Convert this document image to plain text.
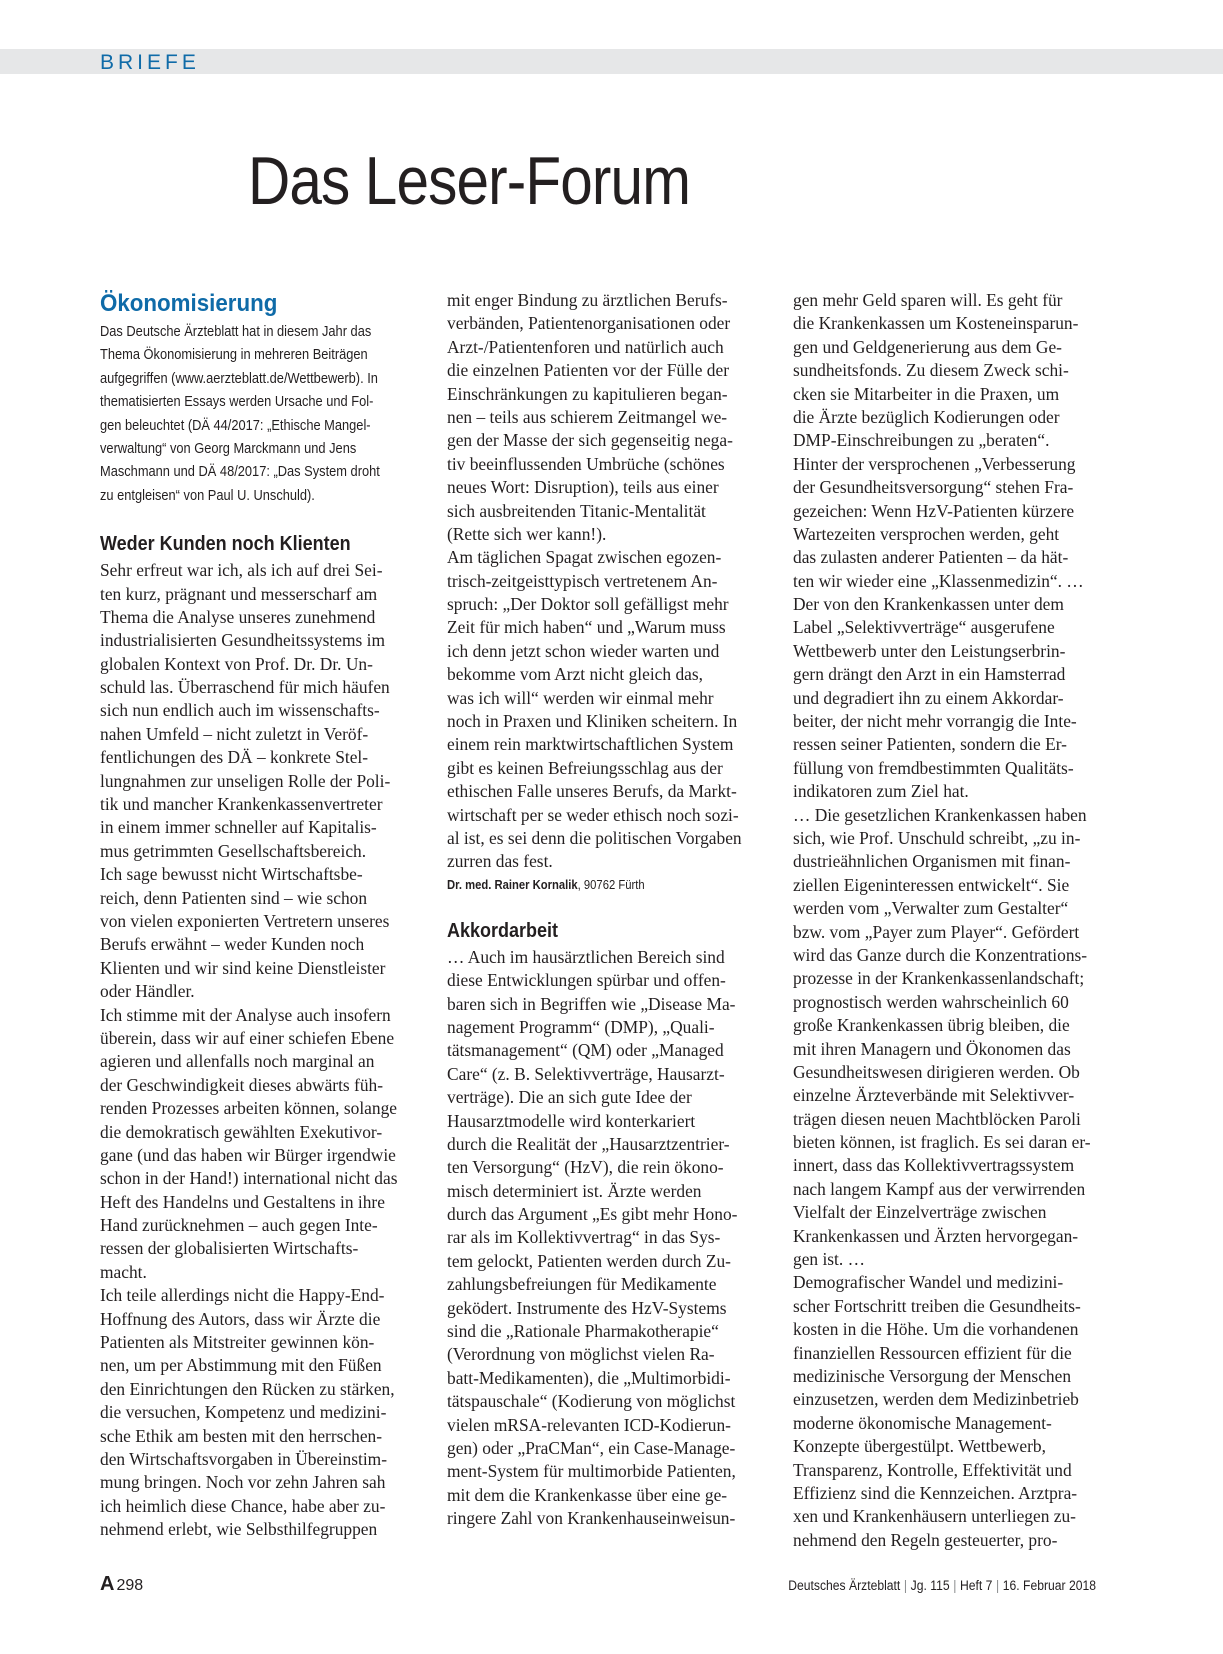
BRIEFE
Das Leser-Forum
Ökonomisierung
Das Deutsche Ärzteblatt hat in diesem Jahr das
Thema Ökonomisierung in mehreren Beiträgen
aufgegriffen (www.aerzteblatt.de/Wettbewerb). In
thematisierten Essays werden Ursache und Fol-
gen beleuchtet (DÄ 44/2017: „Ethische Mangel-
verwaltung“ von Georg Marckmann und Jens
Maschmann und DÄ 48/2017: „Das System droht
zu entgleisen“ von Paul U. Unschuld).
Weder Kunden noch Klienten
Sehr erfreut war ich, als ich auf drei Sei-
ten kurz, prägnant und messerscharf am
Thema die Analyse unseres zunehmend
industrialisierten Gesundheitssystems im
globalen Kontext von Prof. Dr. Dr. Un-
schuld las. Überraschend für mich häufen
sich nun endlich auch im wissenschafts-
nahen Umfeld – nicht zuletzt in Veröf-
fentlichungen des DÄ – konkrete Stel-
lungnahmen zur unseligen Rolle der Poli-
tik und mancher Krankenkassenvertreter
in einem immer schneller auf Kapitalis-
mus getrimmten Gesellschaftsbereich.
Ich sage bewusst nicht Wirtschaftsbe-
reich, denn Patienten sind – wie schon
von vielen exponierten Vertretern unseres
Berufs erwähnt – weder Kunden noch
Klienten und wir sind keine Dienstleister
oder Händler.
Ich stimme mit der Analyse auch insofern
überein, dass wir auf einer schiefen Ebene
agieren und allenfalls noch marginal an
der Geschwindigkeit dieses abwärts füh-
renden Prozesses arbeiten können, solange
die demokratisch gewählten Exekutivor-
gane (und das haben wir Bürger irgendwie
schon in der Hand!) international nicht das
Heft des Handelns und Gestaltens in ihre
Hand zurücknehmen – auch gegen Inte-
ressen der globalisierten Wirtschafts-
macht.
Ich teile allerdings nicht die Happy-End-
Hoffnung des Autors, dass wir Ärzte die
Patienten als Mitstreiter gewinnen kön-
nen, um per Abstimmung mit den Füßen
den Einrichtungen den Rücken zu stärken,
die versuchen, Kompetenz und medizini-
sche Ethik am besten mit den herrschen-
den Wirtschaftsvorgaben in Übereinstim-
mung bringen. Noch vor zehn Jahren sah
ich heimlich diese Chance, habe aber zu-
nehmend erlebt, wie Selbsthilfegruppen
mit enger Bindung zu ärztlichen Berufs-
verbänden, Patientenorganisationen oder
Arzt-/Patientenforen und natürlich auch
die einzelnen Patienten vor der Fülle der
Einschränkungen zu kapitulieren began-
nen – teils aus schierem Zeitmangel we-
gen der Masse der sich gegenseitig nega-
tiv beeinflussenden Umbrüche (schönes
neues Wort: Disruption), teils aus einer
sich ausbreitenden Titanic-Mentalität
(Rette sich wer kann!).
Am täglichen Spagat zwischen egozen-
trisch-zeitgeisttypisch vertretenem An-
spruch: „Der Doktor soll gefälligst mehr
Zeit für mich haben“ und „Warum muss
ich denn jetzt schon wieder warten und
bekomme vom Arzt nicht gleich das,
was ich will“ werden wir einmal mehr
noch in Praxen und Kliniken scheitern. In
einem rein marktwirtschaftlichen System
gibt es keinen Befreiungsschlag aus der
ethischen Falle unseres Berufs, da Markt-
wirtschaft per se weder ethisch noch sozi-
al ist, es sei denn die politischen Vorgaben
zurren das fest.
Dr. med. Rainer Kornalik, 90762 Fürth
Akkordarbeit
… Auch im hausärztlichen Bereich sind
diese Entwicklungen spürbar und offen-
baren sich in Begriffen wie „Disease Ma-
nagement Programm“ (DMP), „Quali-
tätsmanagement“ (QM) oder „Managed
Care“ (z. B. Selektivverträge, Hausarzt-
verträge). Die an sich gute Idee der
Hausarztmodelle wird konterkariert
durch die Realität der „Hausarztzentrier-
ten Versorgung“ (HzV), die rein ökono-
misch determiniert ist. Ärzte werden
durch das Argument „Es gibt mehr Hono-
rar als im Kollektivvertrag“ in das Sys-
tem gelockt, Patienten werden durch Zu-
zahlungsbefreiungen für Medikamente
geködert. Instrumente des HzV-Systems
sind die „Rationale Pharmakotherapie“
(Verordnung von möglichst vielen Ra-
batt-Medikamenten), die „Multimorbidi-
tätspauschale“ (Kodierung von möglichst
vielen mRSA-relevanten ICD-Kodierun-
gen) oder „PraCMan“, ein Case-Manage-
ment-System für multimorbide Patienten,
mit dem die Krankenkasse über eine ge-
ringere Zahl von Krankenhauseinweisun-
gen mehr Geld sparen will. Es geht für
die Krankenkassen um Kosteneinsparun-
gen und Geldgenerierung aus dem Ge-
sundheitsfonds. Zu diesem Zweck schi-
cken sie Mitarbeiter in die Praxen, um
die Ärzte bezüglich Kodierungen oder
DMP-Einschreibungen zu „beraten“.
Hinter der versprochenen „Verbesserung
der Gesundheitsversorgung“ stehen Fra-
gezeichen: Wenn HzV-Patienten kürzere
Wartezeiten versprochen werden, geht
das zulasten anderer Patienten – da hät-
ten wir wieder eine „Klassenmedizin“. …
Der von den Krankenkassen unter dem
Label „Selektivverträge“ ausgerufene
Wettbewerb unter den Leistungserbrin-
gern drängt den Arzt in ein Hamsterrad
und degradiert ihn zu einem Akkordar-
beiter, der nicht mehr vorrangig die Inte-
ressen seiner Patienten, sondern die Er-
füllung von fremdbestimmten Qualitäts-
indikatoren zum Ziel hat.
… Die gesetzlichen Krankenkassen haben
sich, wie Prof. Unschuld schreibt, „zu in-
dustrieähnlichen Organismen mit finan-
ziellen Eigeninteressen entwickelt“. Sie
werden vom „Verwalter zum Gestalter“
bzw. vom „Payer zum Player“. Gefördert
wird das Ganze durch die Konzentrations-
prozesse in der Krankenkassenlandschaft;
prognostisch werden wahrscheinlich 60
große Krankenkassen übrig bleiben, die
mit ihren Managern und Ökonomen das
Gesundheitswesen dirigieren werden. Ob
einzelne Ärzteverbände mit Selektivver-
trägen diesen neuen Machtblöcken Paroli
bieten können, ist fraglich. Es sei daran er-
innert, dass das Kollektivvertragssystem
nach langem Kampf aus der verwirrenden
Vielfalt der Einzelverträge zwischen
Krankenkassen und Ärzten hervorgegan-
gen ist. …
Demografischer Wandel und medizini-
scher Fortschritt treiben die Gesundheits-
kosten in die Höhe. Um die vorhandenen
finanziellen Ressourcen effizient für die
medizinische Versorgung der Menschen
einzusetzen, werden dem Medizinbetrieb
moderne ökonomische Management-
Konzepte übergestülpt. Wettbewerb,
Transparenz, Kontrolle, Effektivität und
Effizienz sind die Kennzeichen. Arztpra-
xen und Krankenhäusern unterliegen zu-
nehmend den Regeln gesteuerter, pro-
A 298	Deutsches Ärzteblatt | Jg. 115 | Heft 7 | 16. Februar 2018
